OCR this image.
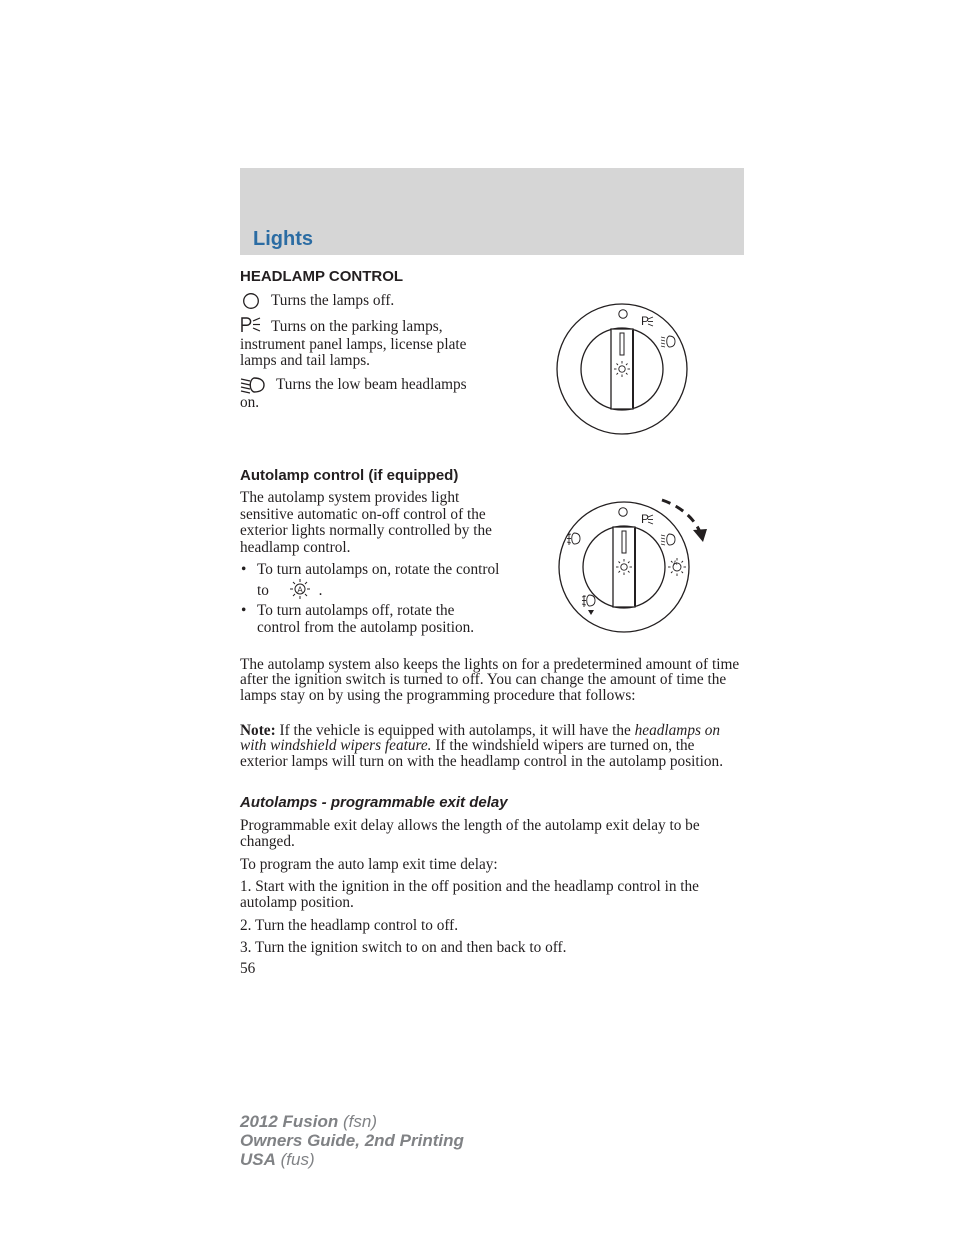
Lights
HEADLAMP CONTROL
Turns the lamps off.
Turns on the parking lamps,
instrument panel lamps, license plate lamps and tail lamps.
Turns the low beam headlamps
on.
P
Autolamp control (if equipped)
The autolamp system provides light sensitive automatic on-off control of the exterior lights normally controlled by the headlamp control.
• To turn autolamps on, rotate the control to	A .
• To turn autolamps off, rotate the control from the autolamp position.
P
A
The autolamp system also keeps the lights on for a predetermined amount of time after the ignition switch is turned to off. You can change the amount of time the lamps stay on by using the programming procedure that follows:
Note: If the vehicle is equipped with autolamps, it will have the headlamps on with windshield wipers feature. If the windshield wipers are turned on, the exterior lamps will turn on with the headlamp control in the autolamp position.
Autolamps - programmable exit delay
Programmable exit delay allows the length of the autolamp exit delay to be changed.
To program the auto lamp exit time delay:
1. Start with the ignition in the off position and the headlamp control in the autolamp position.
2. Turn the headlamp control to off.
3. Turn the ignition switch to on and then back to off.
56
2012 Fusion (fsn)
Owners Guide, 2nd Printing
USA (fus)
